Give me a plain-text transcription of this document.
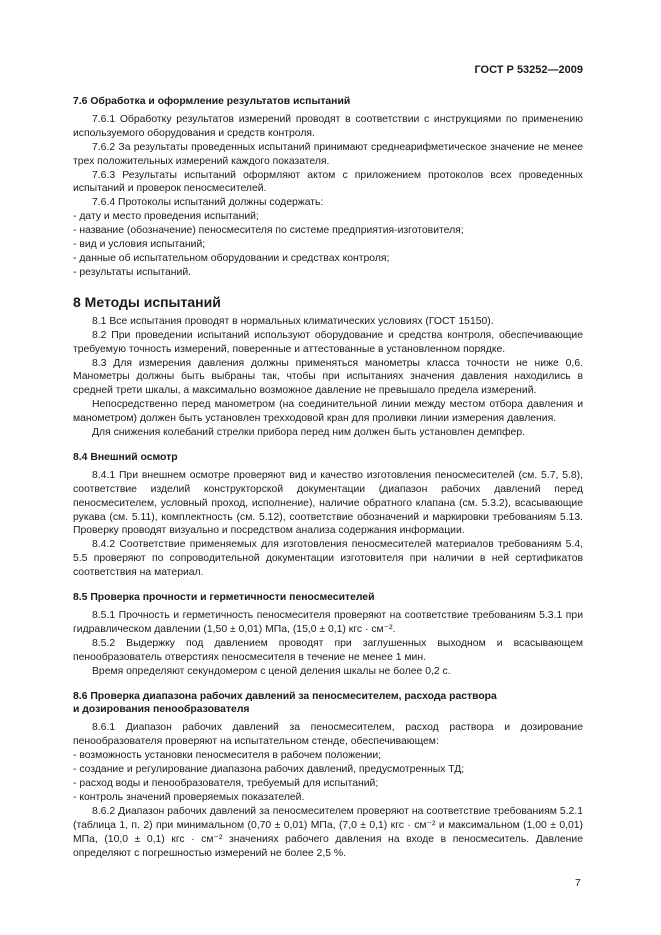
ГОСТ Р 53252—2009
7.6 Обработка и оформление результатов испытаний

7.6.1 Обработку результатов измерений проводят в соответствии с инструкциями по применению используемого оборудования и средств контроля.

7.6.2 За результаты проведенных испытаний принимают среднеарифметическое значение не менее трех положительных измерений каждого показателя.

7.6.3 Результаты испытаний оформляют актом с приложением протоколов всех проведенных испытаний и проверок пеносмесителей.

7.6.4 Протоколы испытаний должны содержать:

- дату и место проведения испытаний;
- название (обозначение) пеносмесителя по системе предприятия-изготовителя;
- вид и условия испытаний;
- данные об испытательном оборудовании и средствах контроля;
- результаты испытаний.
8 Методы испытаний

8.1 Все испытания проводят в нормальных климатических условиях (ГОСТ 15150).

8.2 При проведении испытаний используют оборудование и средства контроля, обеспечивающие требуемую точность измерений, поверенные и аттестованные в установленном порядке.

8.3 Для измерения давления должны применяться манометры класса точности не ниже 0,6. Манометры должны быть выбраны так, чтобы при испытаниях значения давления находились в средней трети шкалы, а максимально возможное давление не превышало предела измерений.

Непосредственно перед манометром (на соединительной линии между местом отбора давления и манометром) должен быть установлен трехходовой кран для проливки линии измерения давления.

Для снижения колебаний стрелки прибора перед ним должен быть установлен демпфер.

8.4 Внешний осмотр

8.4.1 При внешнем осмотре проверяют вид и качество изготовления пеносмесителей (см. 5.7, 5.8), соответствие изделий конструкторской документации (диапазон рабочих давлений перед пеносмесителем, условный проход, исполнение), наличие обратного клапана (см. 5.3.2), всасывающие рукава (см. 5.11), комплектность (см. 5.12), соответствие обозначений и маркировки требованиям 5.13. Проверку проводят визуально и посредством анализа содержания информации.

8.4.2 Соответствие применяемых для изготовления пеносмесителей материалов требованиям 5.4, 5.5 проверяют по сопроводительной документации изготовителя при наличии в ней сертификатов соответствия на материал.

8.5 Проверка прочности и герметичности пеносмесителей

8.5.1 Прочность и герметичность пеносмесителя проверяют на соответствие требованиям 5.3.1 при гидравлическом давлении (1,50 ± 0,01) МПа, (15,0 ± 0,1) кгс · см⁻².

8.5.2 Выдержку под давлением проводят при заглушенных выходном и всасывающем пенообразователь отверстиях пеносмесителя в течение не менее 1 мин.

Время определяют секундомером с ценой деления шкалы не более 0,2 с.

8.6 Проверка диапазона рабочих давлений за пеносмесителем, расхода раствора
и дозирования пенообразователя

8.6.1 Диапазон рабочих давлений за пеносмесителем, расход раствора и дозирование пенообразователя проверяют на испытательном стенде, обеспечивающем:

- возможность установки пеносмесителя в рабочем положении;
- создание и регулирование диапазона рабочих давлений, предусмотренных ТД;
- расход воды и пенообразователя, требуемый для испытаний;
- контроль значений проверяемых показателей.

8.6.2 Диапазон рабочих давлений за пеносмесителем проверяют на соответствие требованиям 5.2.1 (таблица 1, п. 2) при минимальном (0,70 ± 0,01) МПа, (7,0 ± 0,1) кгс · см⁻² и максимальном (1,00 ± 0,01) МПа, (10,0 ± 0,1) кгс · см⁻² значениях рабочего давления на входе в пеносмеситель. Давление определяют с погрешностью измерений не более 2,5 %.

7
